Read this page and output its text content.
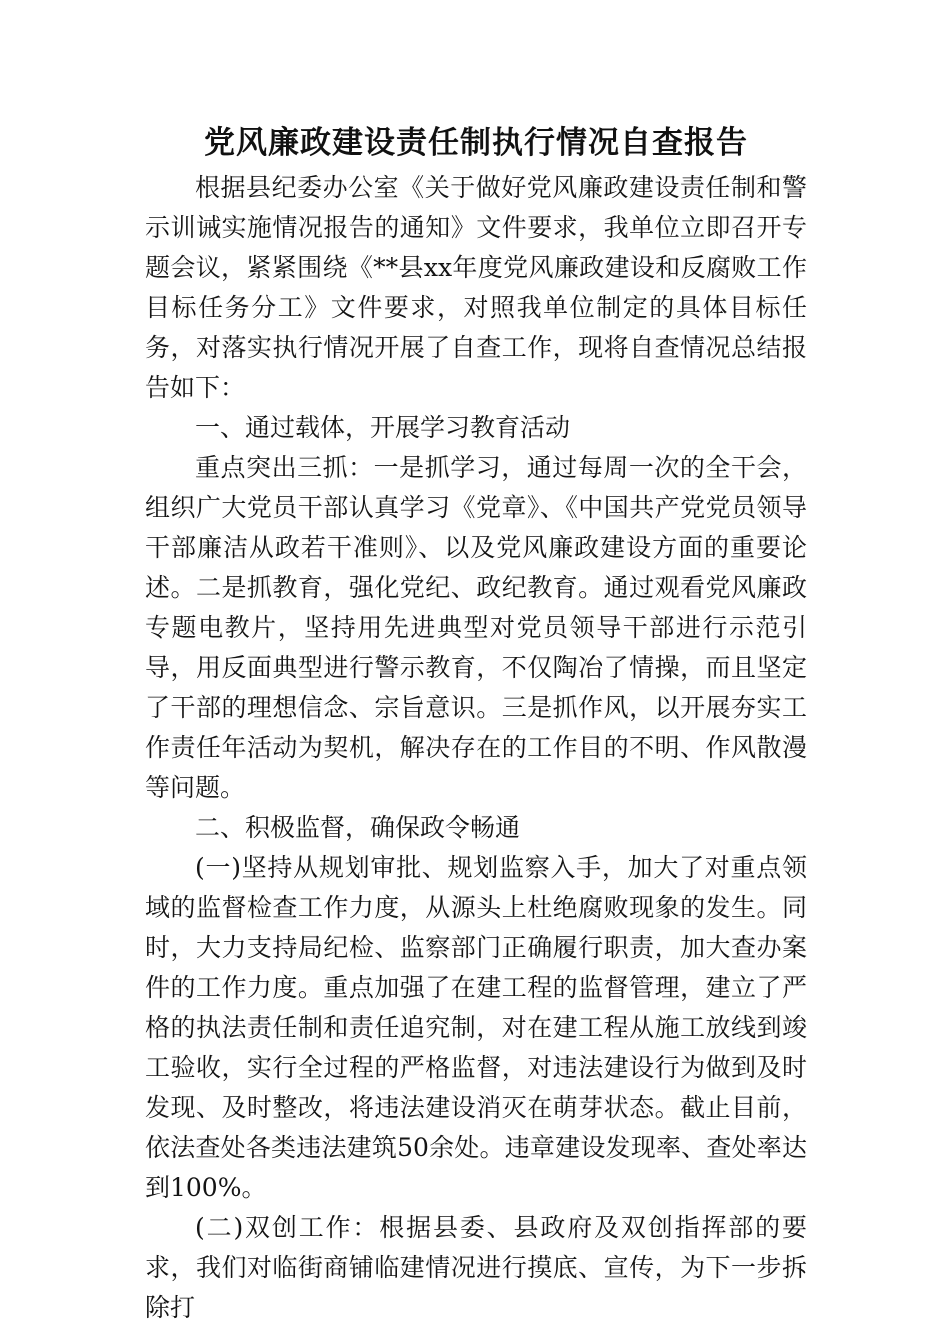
党风廉政建设责任制执行情况自查报告

根据县纪委办公室《关于做好党风廉政建设责任制和警示训诫实施情况报告的通知》文件要求，我单位立即召开专题会议，紧紧围绕《**县xx年度党风廉政建设和反腐败工作目标任务分工》文件要求，对照我单位制定的具体目标任务，对落实执行情况开展了自查工作，现将自查情况总结报告如下：

一、通过载体，开展学习教育活动

重点突出三抓：一是抓学习，通过每周一次的全干会，组织广大党员干部认真学习《党章》、《中国共产党党员领导干部廉洁从政若干准则》、以及党风廉政建设方面的重要论述。二是抓教育，强化党纪、政纪教育。通过观看党风廉政专题电教片，坚持用先进典型对党员领导干部进行示范引导，用反面典型进行警示教育，不仅陶冶了情操，而且坚定了干部的理想信念、宗旨意识。三是抓作风，以开展夯实工作责任年活动为契机，解决存在的工作目的不明、作风散漫等问题。

二、积极监督，确保政令畅通

(一)坚持从规划审批、规划监察入手，加大了对重点领域的监督检查工作力度，从源头上杜绝腐败现象的发生。同时，大力支持局纪检、监察部门正确履行职责，加大查办案件的工作力度。重点加强了在建工程的监督管理，建立了严格的执法责任制和责任追究制，对在建工程从施工放线到竣工验收，实行全过程的严格监督，对违法建设行为做到及时发现、及时整改，将违法建设消灭在萌芽状态。截止目前，依法查处各类违法建筑50余处。违章建设发现率、查处率达到100%。

(二)双创工作：根据县委、县政府及双创指挥部的要求，我们对临街商铺临建情况进行摸底、宣传，为下一步拆除打
